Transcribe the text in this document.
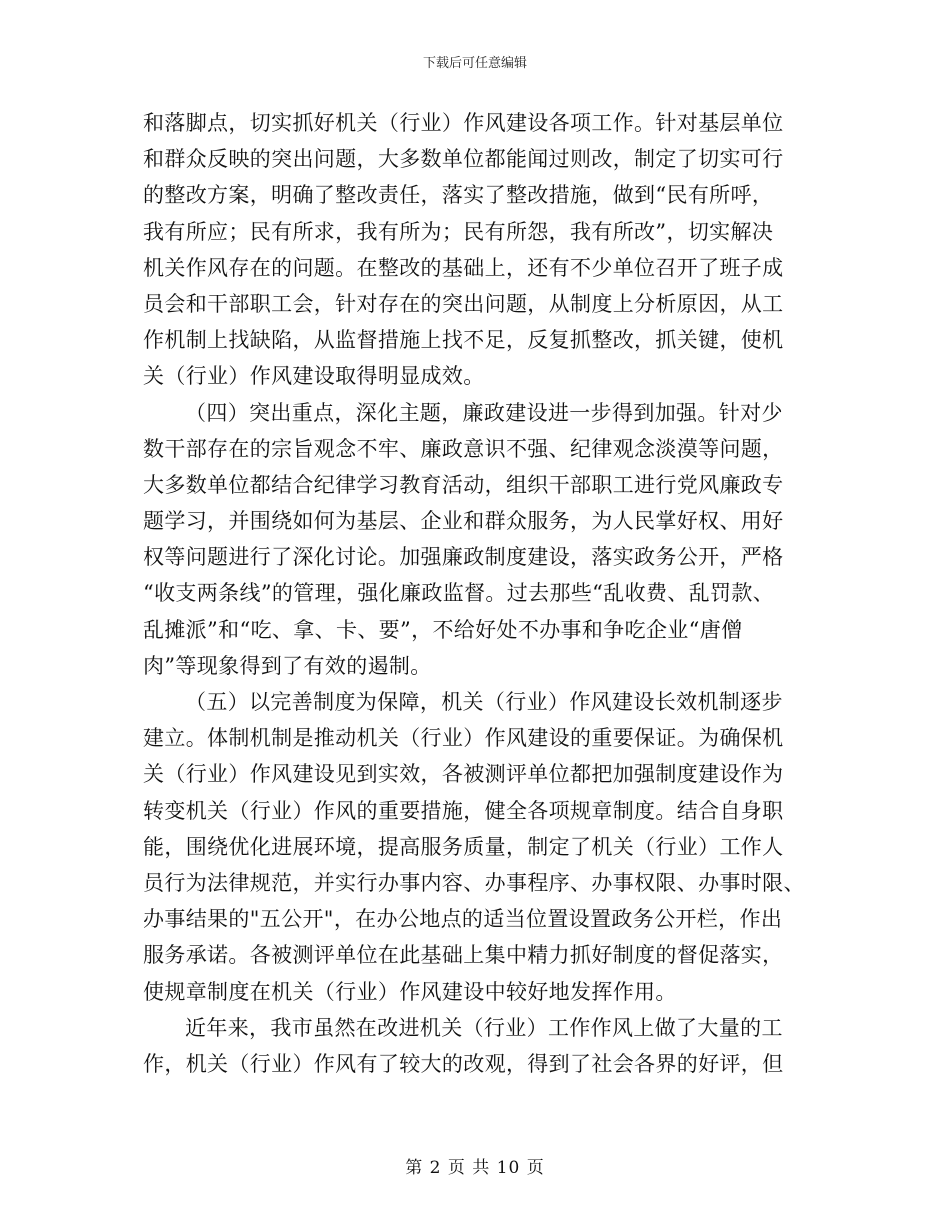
下载后可任意编辑
和落脚点，切实抓好机关（行业）作风建设各项工作。针对基层单位
和群众反映的突出问题，大多数单位都能闻过则改，制定了切实可行
的整改方案，明确了整改责任，落实了整改措施，做到“民有所呼，
我有所应；民有所求，我有所为；民有所怨，我有所改”，切实解决
机关作风存在的问题。在整改的基础上，还有不少单位召开了班子成
员会和干部职工会，针对存在的突出问题，从制度上分析原因，从工
作机制上找缺陷，从监督措施上找不足，反复抓整改，抓关键，使机
关（行业）作风建设取得明显成效。
（四）突出重点，深化主题，廉政建设进一步得到加强。针对少
数干部存在的宗旨观念不牢、廉政意识不强、纪律观念淡漠等问题，
大多数单位都结合纪律学习教育活动，组织干部职工进行党风廉政专
题学习，并围绕如何为基层、企业和群众服务，为人民掌好权、用好
权等问题进行了深化讨论。加强廉政制度建设，落实政务公开，严格
“收支两条线”的管理，强化廉政监督。过去那些“乱收费、乱罚款、
乱摊派”和“吃、拿、卡、要”，不给好处不办事和争吃企业“唐僧
肉”等现象得到了有效的遏制。
（五）以完善制度为保障，机关（行业）作风建设长效机制逐步
建立。体制机制是推动机关（行业）作风建设的重要保证。为确保机
关（行业）作风建设见到实效，各被测评单位都把加强制度建设作为
转变机关（行业）作风的重要措施，健全各项规章制度。结合自身职
能，围绕优化进展环境，提高服务质量，制定了机关（行业）工作人
员行为法律规范，并实行办事内容、办事程序、办事权限、办事时限、
办事结果的"五公开"，在办公地点的适当位置设置政务公开栏，作出
服务承诺。各被测评单位在此基础上集中精力抓好制度的督促落实，
使规章制度在机关（行业）作风建设中较好地发挥作用。
近年来，我市虽然在改进机关（行业）工作作风上做了大量的工
作，机关（行业）作风有了较大的改观，得到了社会各界的好评，但
第 2 页 共 10 页
